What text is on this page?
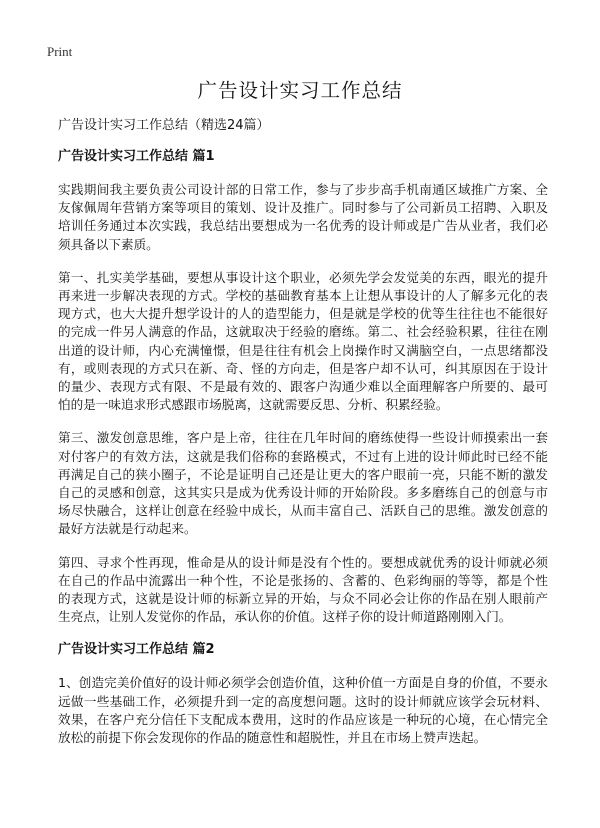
Print
广告设计实习工作总结
广告设计实习工作总结（精选24篇）
广告设计实习工作总结 篇1

实践期间我主要负责公司设计部的日常工作，参与了步步高手机南通区域推广方案、全友傢佩周年营销方案等项目的策划、设计及推广。同时参与了公司新员工招聘、入职及培训任务通过本次实践，我总结出要想成为一名优秀的设计师或是广告从业者，我们必须具备以下素质。

第一、扎实美学基础，要想从事设计这个职业，必须先学会发觉美的东西，眼光的提升再来进一步解决表现的方式。学校的基础教育基本上让想从事设计的人了解多元化的表现方式，也大大提升想学设计的人的造型能力，但是就是学校的优等生往往也不能很好的完成一件另人满意的作品，这就取决于经验的磨练。第二、社会经验积累，往往在刚出道的设计师，内心充满憧憬，但是往往有机会上岗操作时又满脑空白，一点思绪都没有，或则表现的方式只在新、奇、怪的方向走，但是客户却不认可，纠其原因在于设计的量少、表现方式有限、不是最有效的、跟客户沟通少难以全面理解客户所要的、最可怕的是一味追求形式感跟市场脱离，这就需要反思、分析、积累经验。

第三、激发创意思维，客户是上帝，往往在几年时间的磨练使得一些设计师摸索出一套对付客户的有效方法，这就是我们俗称的套路模式，不过有上进的设计师此时已经不能再满足自己的狭小圈子，不论是证明自己还是让更大的客户眼前一亮，只能不断的激发自己的灵感和创意，这其实只是成为优秀设计师的开始阶段。多多磨练自己的创意与市场尽快融合，这样让创意在经验中成长，从而丰富自己、活跃自己的思维。激发创意的最好方法就是行动起来。

第四、寻求个性再现，惟命是从的设计师是没有个性的。要想成就优秀的设计师就必须在自己的作品中流露出一种个性，不论是张扬的、含蓄的、色彩绚丽的等等，都是个性的表现方式，这就是设计师的标新立异的开始，与众不同必会让你的作品在别人眼前产生亮点，让别人发觉你的作品，承认你的价值。这样子你的设计师道路刚刚入门。

广告设计实习工作总结 篇2

1、创造完美价值好的设计师必须学会创造价值，这种价值一方面是自身的价值，不要永远做一些基础工作，必须提升到一定的高度想问题。这时的设计师就应该学会玩材料、效果，在客户充分信任下支配成本费用，这时的作品应该是一种玩的心境，在心情完全放松的前提下你会发现你的作品的随意性和超脱性，并且在市场上赞声迭起。
